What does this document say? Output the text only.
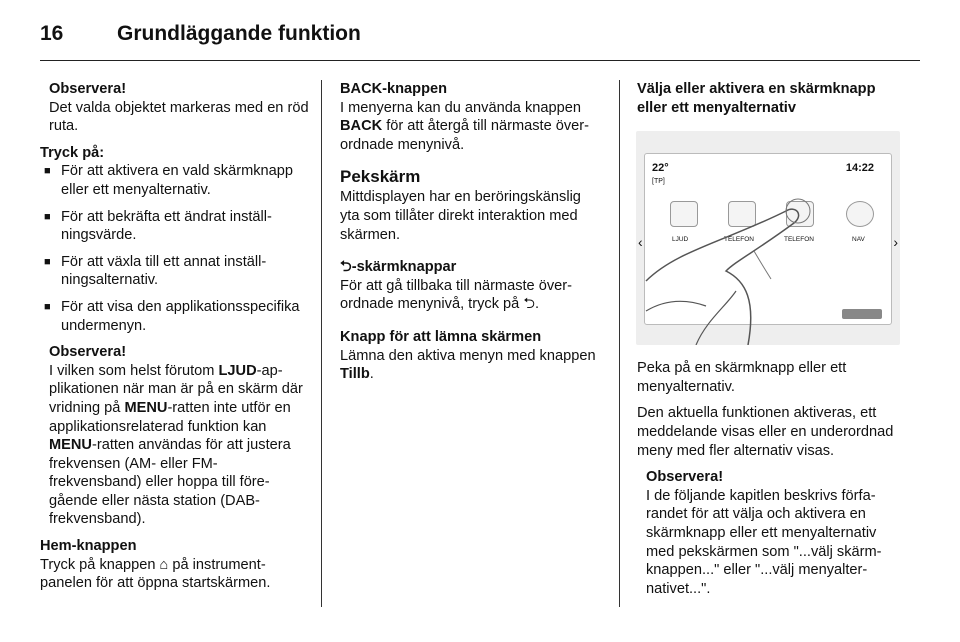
16	Grundläggande funktion
Observera!

Det valda objektet markeras med en röd ruta.

Tryck på:
■ För att aktivera en vald skärmknapp eller ett menyalternativ.
■ För att bekräfta ett ändrat inställningsvärde.
■ För att växla till ett annat inställningsalternativ.
■ För att visa den applikationsspecifika undermenyn.
Observera!

I vilken som helst förutom LJUD-applikationen när man är på en skärm där vridning på MENU-ratten inte utför en applikationsrelaterad funktion kan MENU-ratten användas för att justera frekvensen (AM- eller FM-frekvensband) eller hoppa till föregående eller nästa station (DAB-frekvensband).

Hem-knappen

Tryck på knappen ⌂ på instrumentpanelen för att öppna startskärmen.

BACK-knappen

I menyerna kan du använda knappen BACK för att återgå till närmaste överordnade menynivå.

Pekskärm

Mittdisplayen har en beröringskänslig yta som tillåter direkt interaktion med skärmen.

⮌-skärmknappar

För att gå tillbaka till närmaste överordnade menynivå, tryck på ⮌.

Knapp för att lämna skärmen

Lämna den aktiva menyn med knappen Tillb.

Välja eller aktivera en skärmknapp eller ett menyalternativ
22°
[TP]
14:22
LJUD	TELEFON	TELEFON	NAV
‹	›

Peka på en skärmknapp eller ett menyalternativ.

Den aktuella funktionen aktiveras, ett meddelande visas eller en underordnad meny med fler alternativ visas.

Observera!

I de följande kapitlen beskrivs förfarandet för att välja och aktivera en skärmknapp eller ett menyalternativ med pekskärmen som "...välj skärmknappen..." eller "...välj menyalternativet...".
